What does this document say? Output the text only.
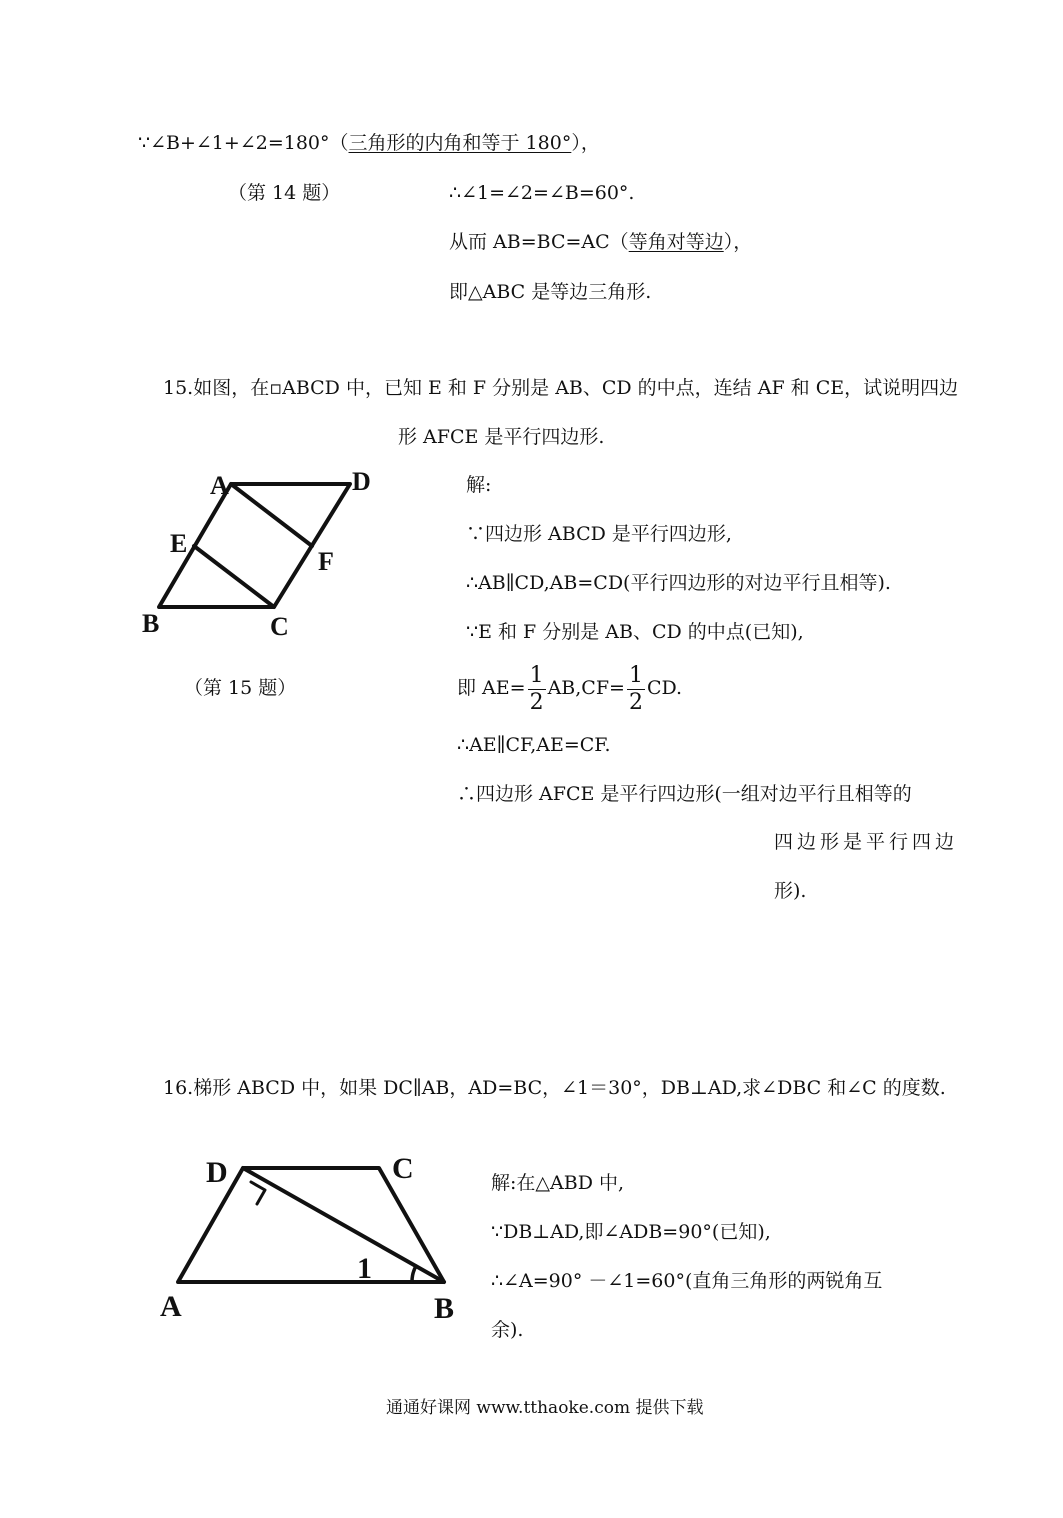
∵∠B+∠1+∠2=180°（三角形的内角和等于 180°），
（第 14 题）	∴∠1=∠2=∠B=60°.
从而 AB=BC=AC（等角对等边），
即△ABC 是等边三角形.
15.如图，在▫ABCD 中，已知 E 和 F 分别是 AB、CD 的中点，连结 AF 和 CE，试说明四边
形 AFCE 是平行四边形.
A	D
E
F
B	C
（第 15 题）
解:
∵四边形 ABCD 是平行四边形,
∴AB∥CD,AB=CD(平行四边形的对边平行且相等).
∵E 和 F 分别是 AB、CD 的中点(已知),
即 $AE= \frac{1}{2} AB,CF= \frac{1}{2}$ CD.
∴AE∥CF,AE=CF.
∴四边形 AFCE 是平行四边形(一组对边平行且相等的
四边形是平行四边
形).
16.梯形 ABCD 中，如果 DC∥AB，AD=BC，∠1＝30°，DB⊥AD,求∠DBC 和∠C 的度数.
D	C
A	B
1
解:在△ABD 中,
∵DB⊥AD,即∠ADB=90°(已知),
∴∠A=90° －∠1=60°(直角三角形的两锐角互
余).
通通好课网 www.tthaoke.com 提供下载
